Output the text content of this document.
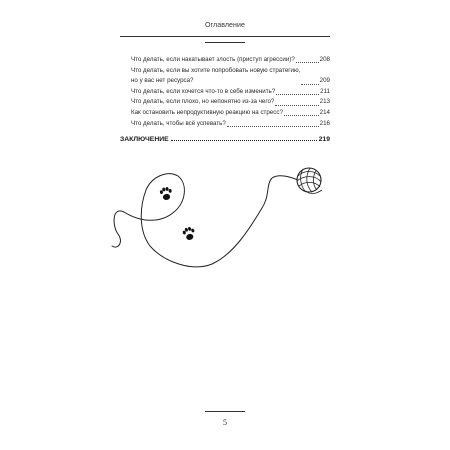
Оглавление
Что делать, если накатывает злость (приступ агрессии)?	208
Что делать, если вы хотите попробовать новую стратегию,
но у вас нет ресурса?	209
Что делать, если хочется что-то в себе изменить?	211
Что делать, если плохо, но непонятно из-за чего?	213
Как остановить непродуктивную реакцию на стресс?	214
Что делать, чтобы всё успевать?	216
ЗАКЛЮЧЕНИЕ	219
5
